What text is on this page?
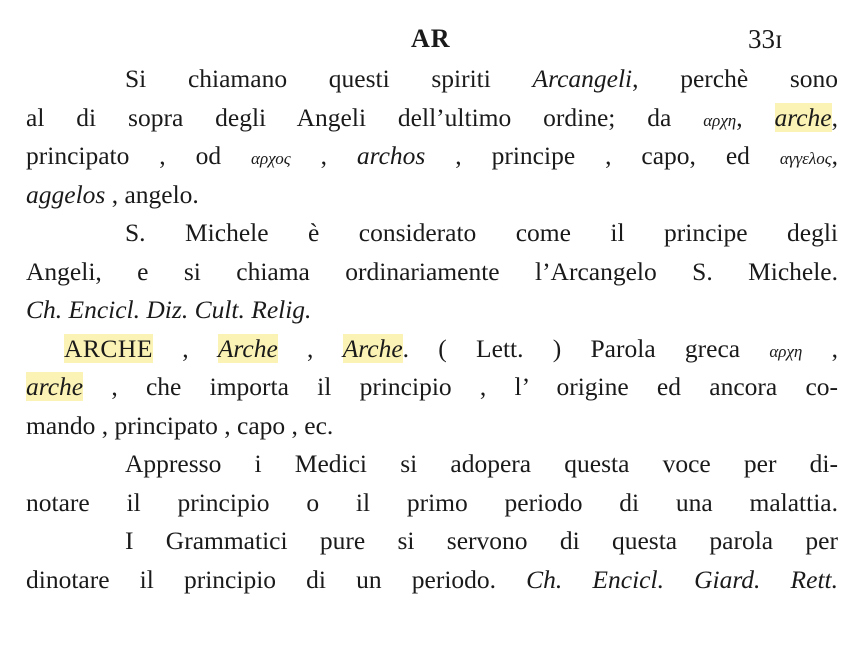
AR	33ɪ
Si chiamano questi spiriti Arcangeli, perchè sono
al di sopra degli Angeli dell’ultimo ordine; da αρχη, arche,
principato , od αρχος , archos , principe , capo, ed αγγελος,
aggelos , angelo.
S. Michele è considerato come il principe degli
Angeli, e si chiama ordinariamente l’Arcangelo S. Michele.
Ch. Encicl. Diz. Cult. Relig.
ARCHE , Arche , Arche. ( Lett. ) Parola greca αρχη ,
arche , che importa il principio , l’ origine ed ancora co-
mando , principato , capo , ec.
Appresso i Medici si adopera questa voce per di-
notare il principio o il primo periodo di una malattia.
I Grammatici pure si servono di questa parola per
dinotare il principio di un periodo. Ch. Encicl. Giard. Rett.
